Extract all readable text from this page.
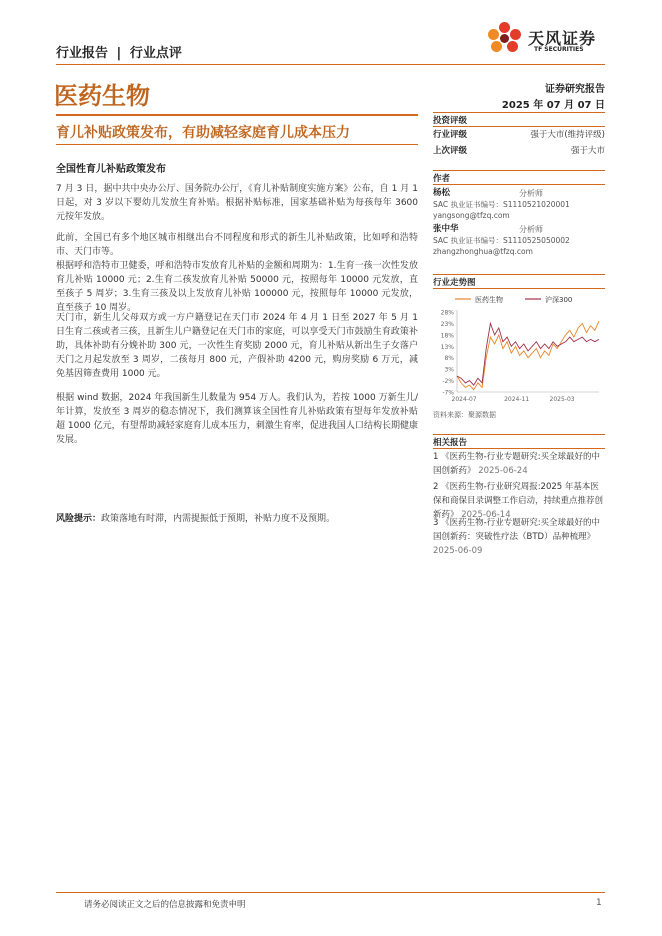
行业报告 | 行业点评
天风证券
TF SECURITIES
医药生物	证券研究报告
2025 年 07 月 07 日
育儿补贴政策发布，有助减轻家庭育儿成本压力
全国性育儿补贴政策发布

7 月 3 日，据中共中央办公厅、国务院办公厅，《育儿补贴制度实施方案》公布，自 1 月 1 日起，对 3 岁以下婴幼儿发放生育补贴。根据补贴标准，国家基础补贴为每孩每年 3600 元按年发放。

此前，全国已有多个地区城市相继出台不同程度和形式的新生儿补贴政策，比如呼和浩特市、天门市等。

根据呼和浩特市卫健委，呼和浩特市发放育儿补贴的金额和周期为：1.生育一孩一次性发放育儿补贴 10000 元；2.生育二孩发放育儿补贴 50000 元，按照每年 10000 元发放，直至孩子 5 周岁；3.生育三孩及以上发放育儿补贴 100000 元，按照每年 10000 元发放，直至孩子 10 周岁。

天门市，新生儿父母双方或一方户籍登记在天门市 2024 年 4 月 1 日至 2027 年 5 月 1 日生育二孩或者三孩，且新生儿户籍登记在天门市的家庭，可以享受天门市鼓励生育政策补助，具体补助有分娩补助 300 元，一次性生育奖励 2000 元，育儿补贴从新出生子女落户天门之月起发放至 3 周岁，二孩每月 800 元，产假补助 4200 元，购房奖励 6 万元，减免基因筛查费用 1000 元。

根据 wind 数据，2024 年我国新生儿数量为 954 万人。我们认为，若按 1000 万新生儿/年计算，发放至 3 周岁的稳态情况下，我们测算该全国性育儿补贴政策有望每年发放补贴超 1000 亿元，有望帮助减轻家庭育儿成本压力，刺激生育率，促进我国人口结构长期健康发展。

风险提示：政策落地有时滞，内需提振低于预期，补贴力度不及预期。
投资评级
行业评级	强于大市(维持评级)
上次评级	强于大市
作者
杨松	分析师
SAC 执业证书编号：S1110521020001
yangsong@tfzq.com
张中华	分析师
SAC 执业证书编号：S1110525050002
zhangzhonghua@tfzq.com
行业走势图
医药生物	沪深300
28%
23%
18%
13%
8%
3%
-2%
-7%
2024-07	2024-11	2025-03
资料来源：聚源数据
相关报告
1 《医药生物-行业专题研究:买全球最好的中国创新药》 2025-06-24
2 《医药生物-行业研究周报:2025 年基本医保和商保目录调整工作启动，持续重点推荐创新药》 2025-06-14
3 《医药生物-行业专题研究:买全球最好的中国创新药：突破性疗法（BTD）品种梳理》 2025-06-09
请务必阅读正文之后的信息披露和免责申明	1
